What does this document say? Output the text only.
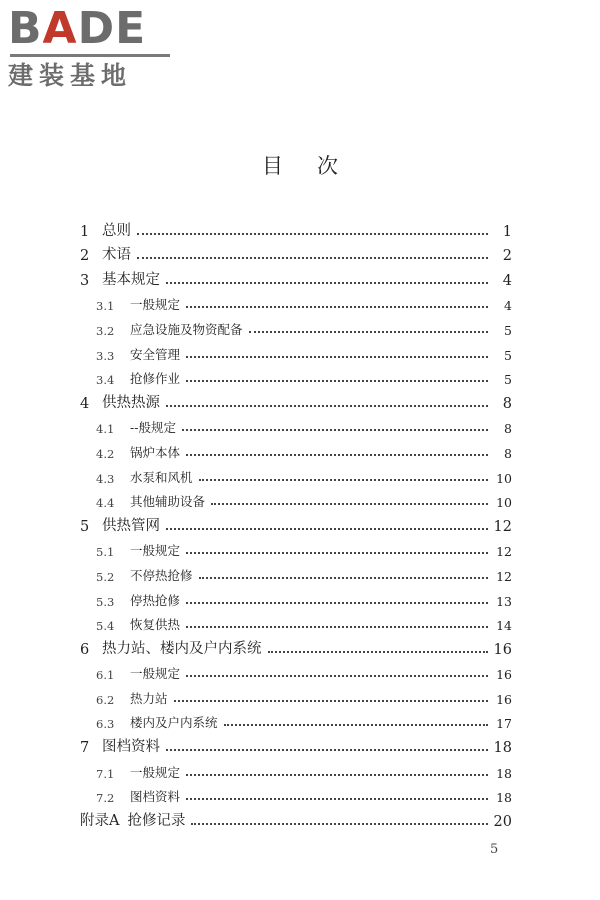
BADE
建装基地
目次
1 总则	1
2 术语	2
3 基本规定	4
3.1	一般规定	4
3.2	应急设施及物资配备	5
3.3	安全管理	5
3.4	抢修作业	5
4 供热热源	8
4.1	--般规定	8
4.2	锅炉本体	8
4.3	水泵和风机	10
4.4	其他辅助设备	10
5 供热管网	12
5.1	一般规定	12
5.2	不停热抢修	12
5.3	停热抢修	13
5.4	恢复供热	14
6 热力站、楼内及户内系统	16
6.1	一般规定	16
6.2	热力站	16
6.3	楼内及户内系统	17
7 图档资料	18
7.1	一般规定	18
7.2	图档资料	18
附录A 抢修记录	20
5
